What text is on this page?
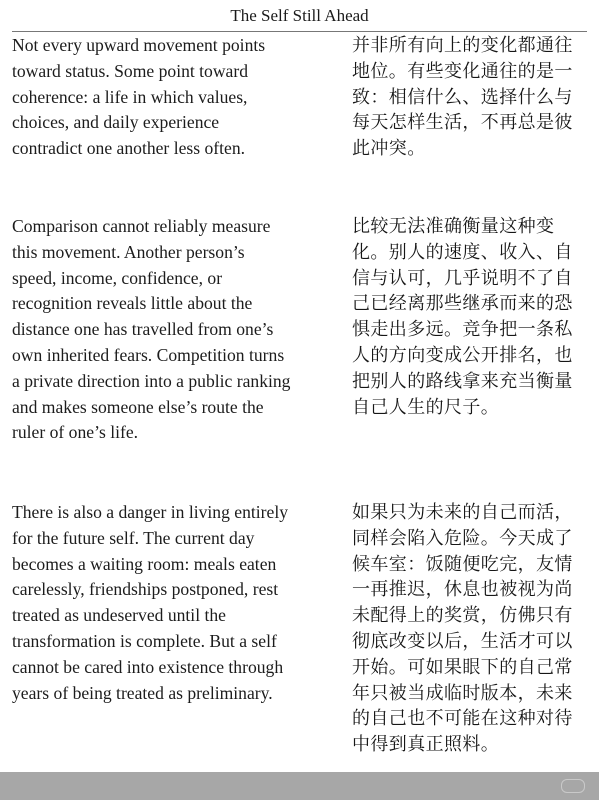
The Self Still Ahead
Not every upward movement points
toward status. Some point toward
coherence: a life in which values,
choices, and daily experience
contradict one another less often.
并非所有向上的变化都通往
地位。有些变化通往的是一
致：相信什么、选择什么与
每天怎样生活，不再总是彼
此冲突。
Comparison cannot reliably measure
this movement. Another person’s
speed, income, confidence, or
recognition reveals little about the
distance one has travelled from one’s
own inherited fears. Competition turns
a private direction into a public ranking
and makes someone else’s route the
ruler of one’s life.
比较无法准确衡量这种变
化。别人的速度、收入、自
信与认可，几乎说明不了自
己已经离那些继承而来的恐
惧走出多远。竞争把一条私
人的方向变成公开排名，也
把别人的路线拿来充当衡量
自己人生的尺子。
There is also a danger in living entirely
for the future self. The current day
becomes a waiting room: meals eaten
carelessly, friendships postponed, rest
treated as undeserved until the
transformation is complete. But a self
cannot be cared into existence through
years of being treated as preliminary.
如果只为未来的自己而活，
同样会陷入危险。今天成了
候车室：饭随便吃完，友情
一再推迟，休息也被视为尚
未配得上的奖赏，仿佛只有
彻底改变以后，生活才可以
开始。可如果眼下的自己常
年只被当成临时版本，未来
的自己也不可能在这种对待
中得到真正照料。
